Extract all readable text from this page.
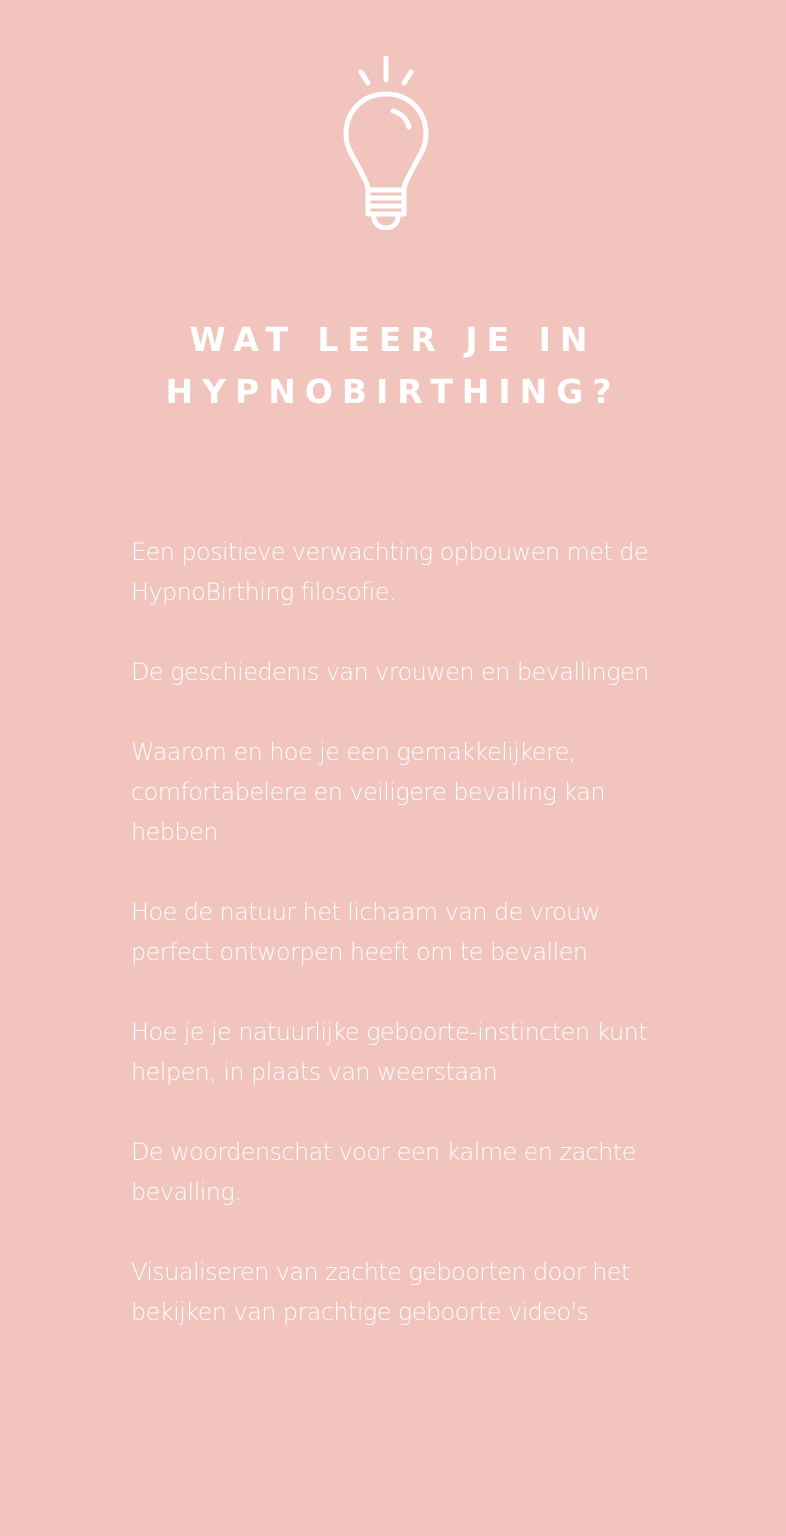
WAT LEER JE IN
HYPNOBIRTHING?
Een positieve verwachting opbouwen met de HypnoBirthing filosofie.
De geschiedenis van vrouwen en bevallingen
Waarom en hoe je een gemakkelijkere, comfortabelere en veiligere bevalling kan hebben
Hoe de natuur het lichaam van de vrouw perfect ontworpen heeft om te bevallen
Hoe je je natuurlijke geboorte-instincten kunt helpen, in plaats van weerstaan
De woordenschat voor een kalme en zachte bevalling.
Visualiseren van zachte geboorten door het bekijken van prachtige geboorte video's
